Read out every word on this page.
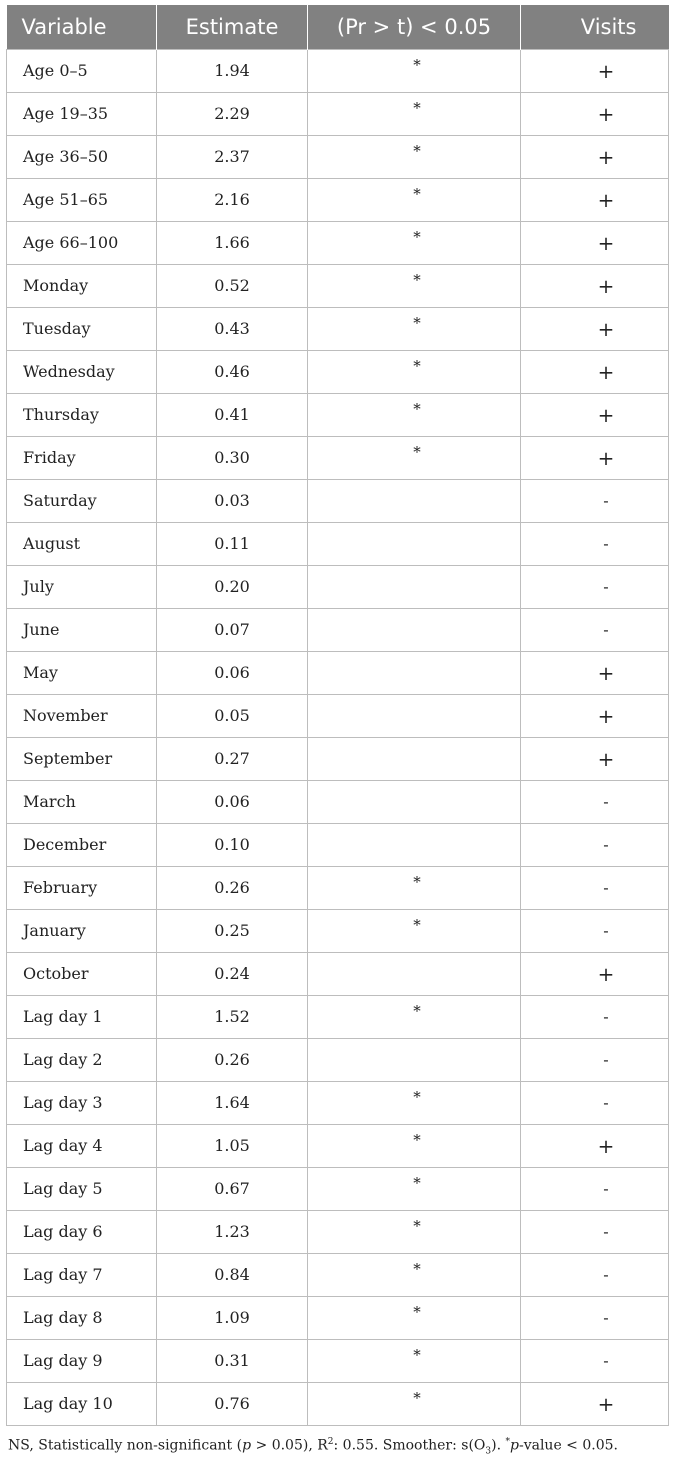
Variable	Estimate	(Pr > t) < 0.05	Visits
Age 0–5	1.94	*	+
Age 19–35	2.29	*	+
Age 36–50	2.37	*	+
Age 51–65	2.16	*	+
Age 66–100	1.66	*	+
Monday	0.52	*	+
Tuesday	0.43	*	+
Wednesday	0.46	*	+
Thursday	0.41	*	+
Friday	0.30	*	+
Saturday	0.03		-
August	0.11		-
July	0.20		-
June	0.07		-
May	0.06		+
November	0.05		+
September	0.27		+
March	0.06		-
December	0.10		-
February	0.26	*	-
January	0.25	*	-
October	0.24		+
Lag day 1	1.52	*	-
Lag day 2	0.26		-
Lag day 3	1.64	*	-
Lag day 4	1.05	*	+
Lag day 5	0.67	*	-
Lag day 6	1.23	*	-
Lag day 7	0.84	*	-
Lag day 8	1.09	*	-
Lag day 9	0.31	*	-
Lag day 10	0.76	*	+
NS, Statistically non-significant (p > 0.05), $R^2$: 0.55. Smoother: $s(O_3)$. *p-value < 0.05.
